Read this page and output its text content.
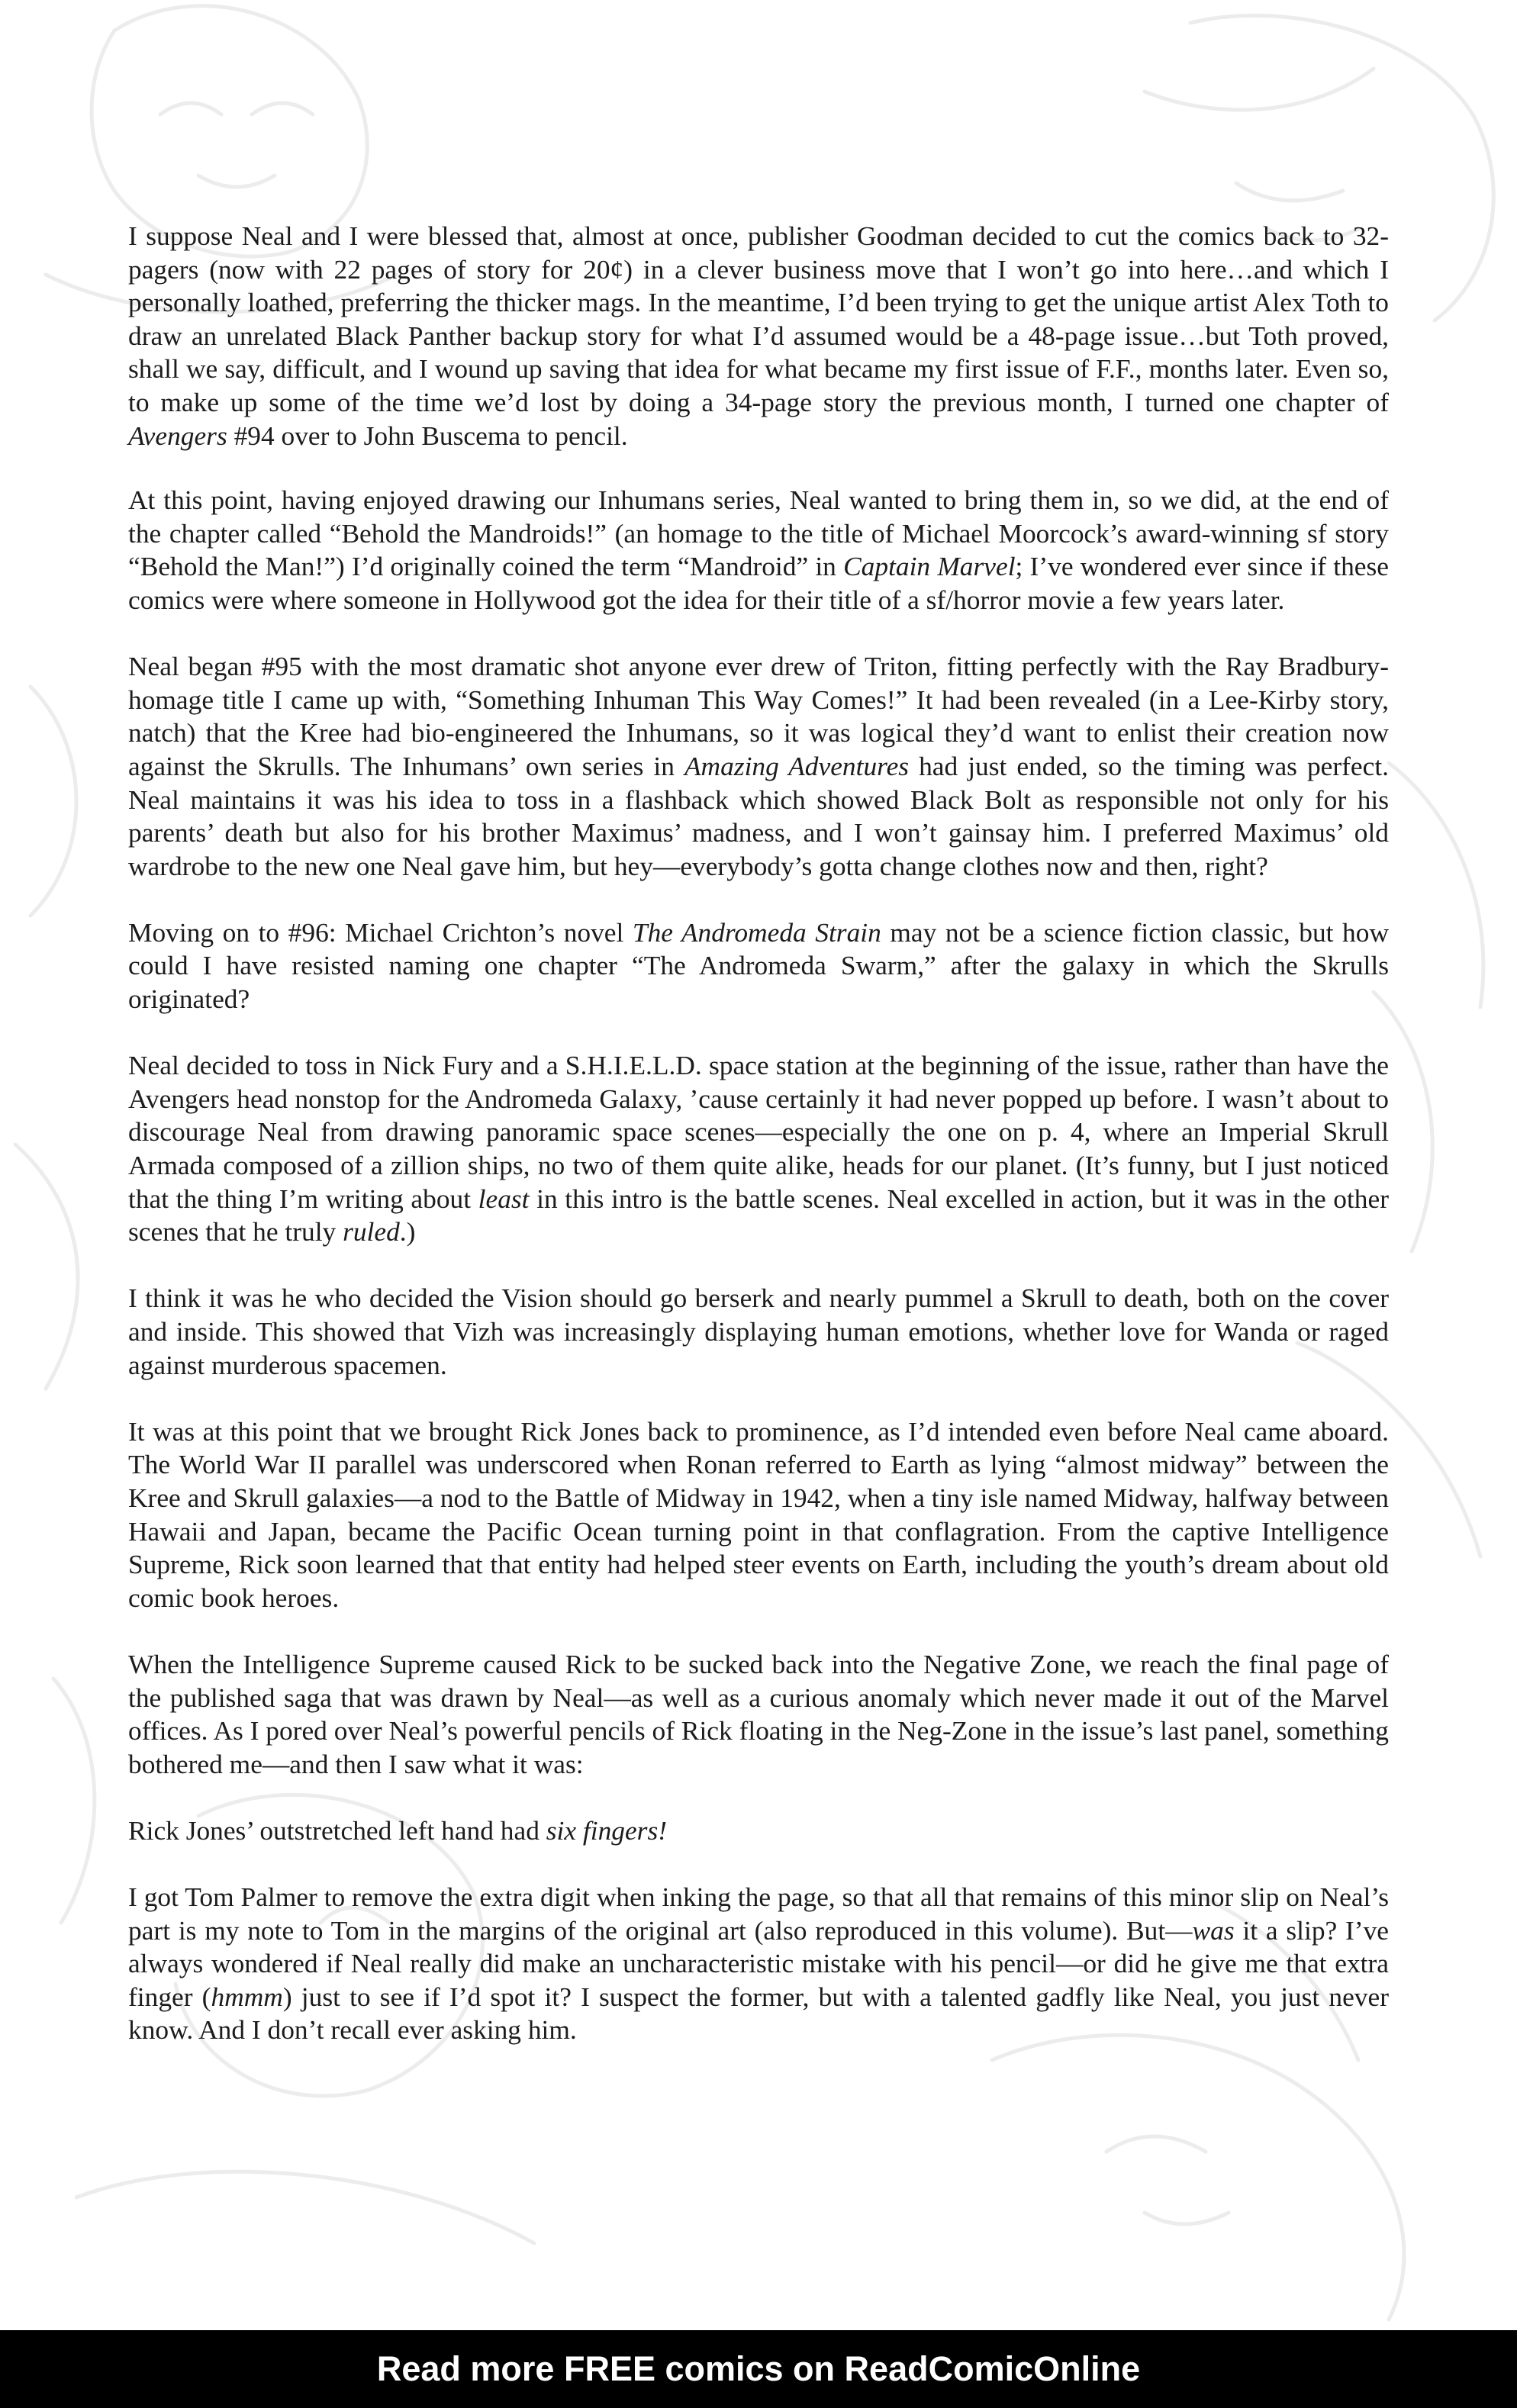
I suppose Neal and I were blessed that, almost at once, publisher Goodman decided to cut the comics back to 32-pagers (now with 22 pages of story for 20¢) in a clever business move that I won’t go into here…and which I personally loathed, preferring the thicker mags. In the meantime, I’d been trying to get the unique artist Alex Toth to draw an unrelated Black Panther backup story for what I’d assumed would be a 48-page issue…but Toth proved, shall we say, difficult, and I wound up saving that idea for what became my first issue of F.F., months later. Even so, to make up some of the time we’d lost by doing a 34-page story the previous month, I turned one chapter of Avengers #94 over to John Buscema to pencil.

At this point, having enjoyed drawing our Inhumans series, Neal wanted to bring them in, so we did, at the end of the chapter called “Behold the Mandroids!” (an homage to the title of Michael Moorcock’s award-winning sf story “Behold the Man!”) I’d originally coined the term “Mandroid” in Captain Marvel; I’ve wondered ever since if these comics were where someone in Hollywood got the idea for their title of a sf/horror movie a few years later.

Neal began #95 with the most dramatic shot anyone ever drew of Triton, fitting perfectly with the Ray Bradbury-homage title I came up with, “Something Inhuman This Way Comes!” It had been revealed (in a Lee-Kirby story, natch) that the Kree had bio-engineered the Inhumans, so it was logical they’d want to enlist their creation now against the Skrulls. The Inhumans’ own series in Amazing Adventures had just ended, so the timing was perfect. Neal maintains it was his idea to toss in a flashback which showed Black Bolt as responsible not only for his parents’ death but also for his brother Maximus’ madness, and I won’t gainsay him. I preferred Maximus’ old wardrobe to the new one Neal gave him, but hey—everybody’s gotta change clothes now and then, right?

Moving on to #96: Michael Crichton’s novel The Andromeda Strain may not be a science fiction classic, but how could I have resisted naming one chapter “The Andromeda Swarm,” after the galaxy in which the Skrulls originated?

Neal decided to toss in Nick Fury and a S.H.I.E.L.D. space station at the beginning of the issue, rather than have the Avengers head nonstop for the Andromeda Galaxy, ’cause certainly it had never popped up before. I wasn’t about to discourage Neal from drawing panoramic space scenes—especially the one on p. 4, where an Imperial Skrull Armada composed of a zillion ships, no two of them quite alike, heads for our planet. (It’s funny, but I just noticed that the thing I’m writing about least in this intro is the battle scenes. Neal excelled in action, but it was in the other scenes that he truly ruled.)

I think it was he who decided the Vision should go berserk and nearly pummel a Skrull to death, both on the cover and inside. This showed that Vizh was increasingly displaying human emotions, whether love for Wanda or raged against murderous spacemen.

It was at this point that we brought Rick Jones back to prominence, as I’d intended even before Neal came aboard. The World War II parallel was underscored when Ronan referred to Earth as lying “almost midway” between the Kree and Skrull galaxies—a nod to the Battle of Midway in 1942, when a tiny isle named Midway, halfway between Hawaii and Japan, became the Pacific Ocean turning point in that conflagration. From the captive Intelligence Supreme, Rick soon learned that that entity had helped steer events on Earth, including the youth’s dream about old comic book heroes.

When the Intelligence Supreme caused Rick to be sucked back into the Negative Zone, we reach the final page of the published saga that was drawn by Neal—as well as a curious anomaly which never made it out of the Marvel offices. As I pored over Neal’s powerful pencils of Rick floating in the Neg-Zone in the issue’s last panel, something bothered me—and then I saw what it was:

Rick Jones’ outstretched left hand had six fingers!

I got Tom Palmer to remove the extra digit when inking the page, so that all that remains of this minor slip on Neal’s part is my note to Tom in the margins of the original art (also reproduced in this volume). But—was it a slip? I’ve always wondered if Neal really did make an uncharacteristic mistake with his pencil—or did he give me that extra finger (hmmm) just to see if I’d spot it? I suspect the former, but with a talented gadfly like Neal, you just never know. And I don’t recall ever asking him.

Read more FREE comics on ReadComicOnline
